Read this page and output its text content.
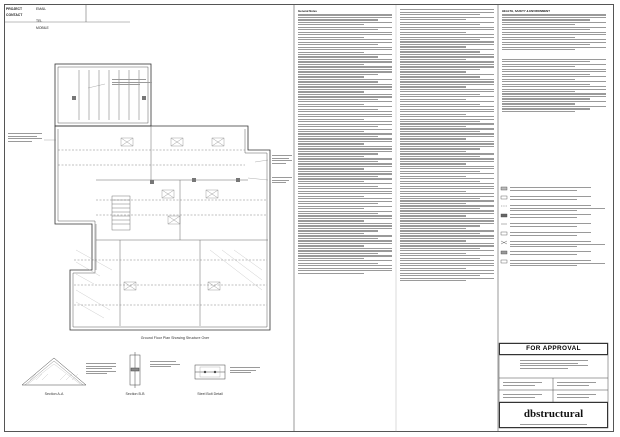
PROJECT CONTACT
EMAIL
TEL
MOBILE
Ground Floor Plan Showing Structure Over
Section A-A	Section B-B	Steel Bolt Detail
General Notes	HEALTH, SAFETY & ENVIRONMENT
FOR APPROVAL
dbstructural
